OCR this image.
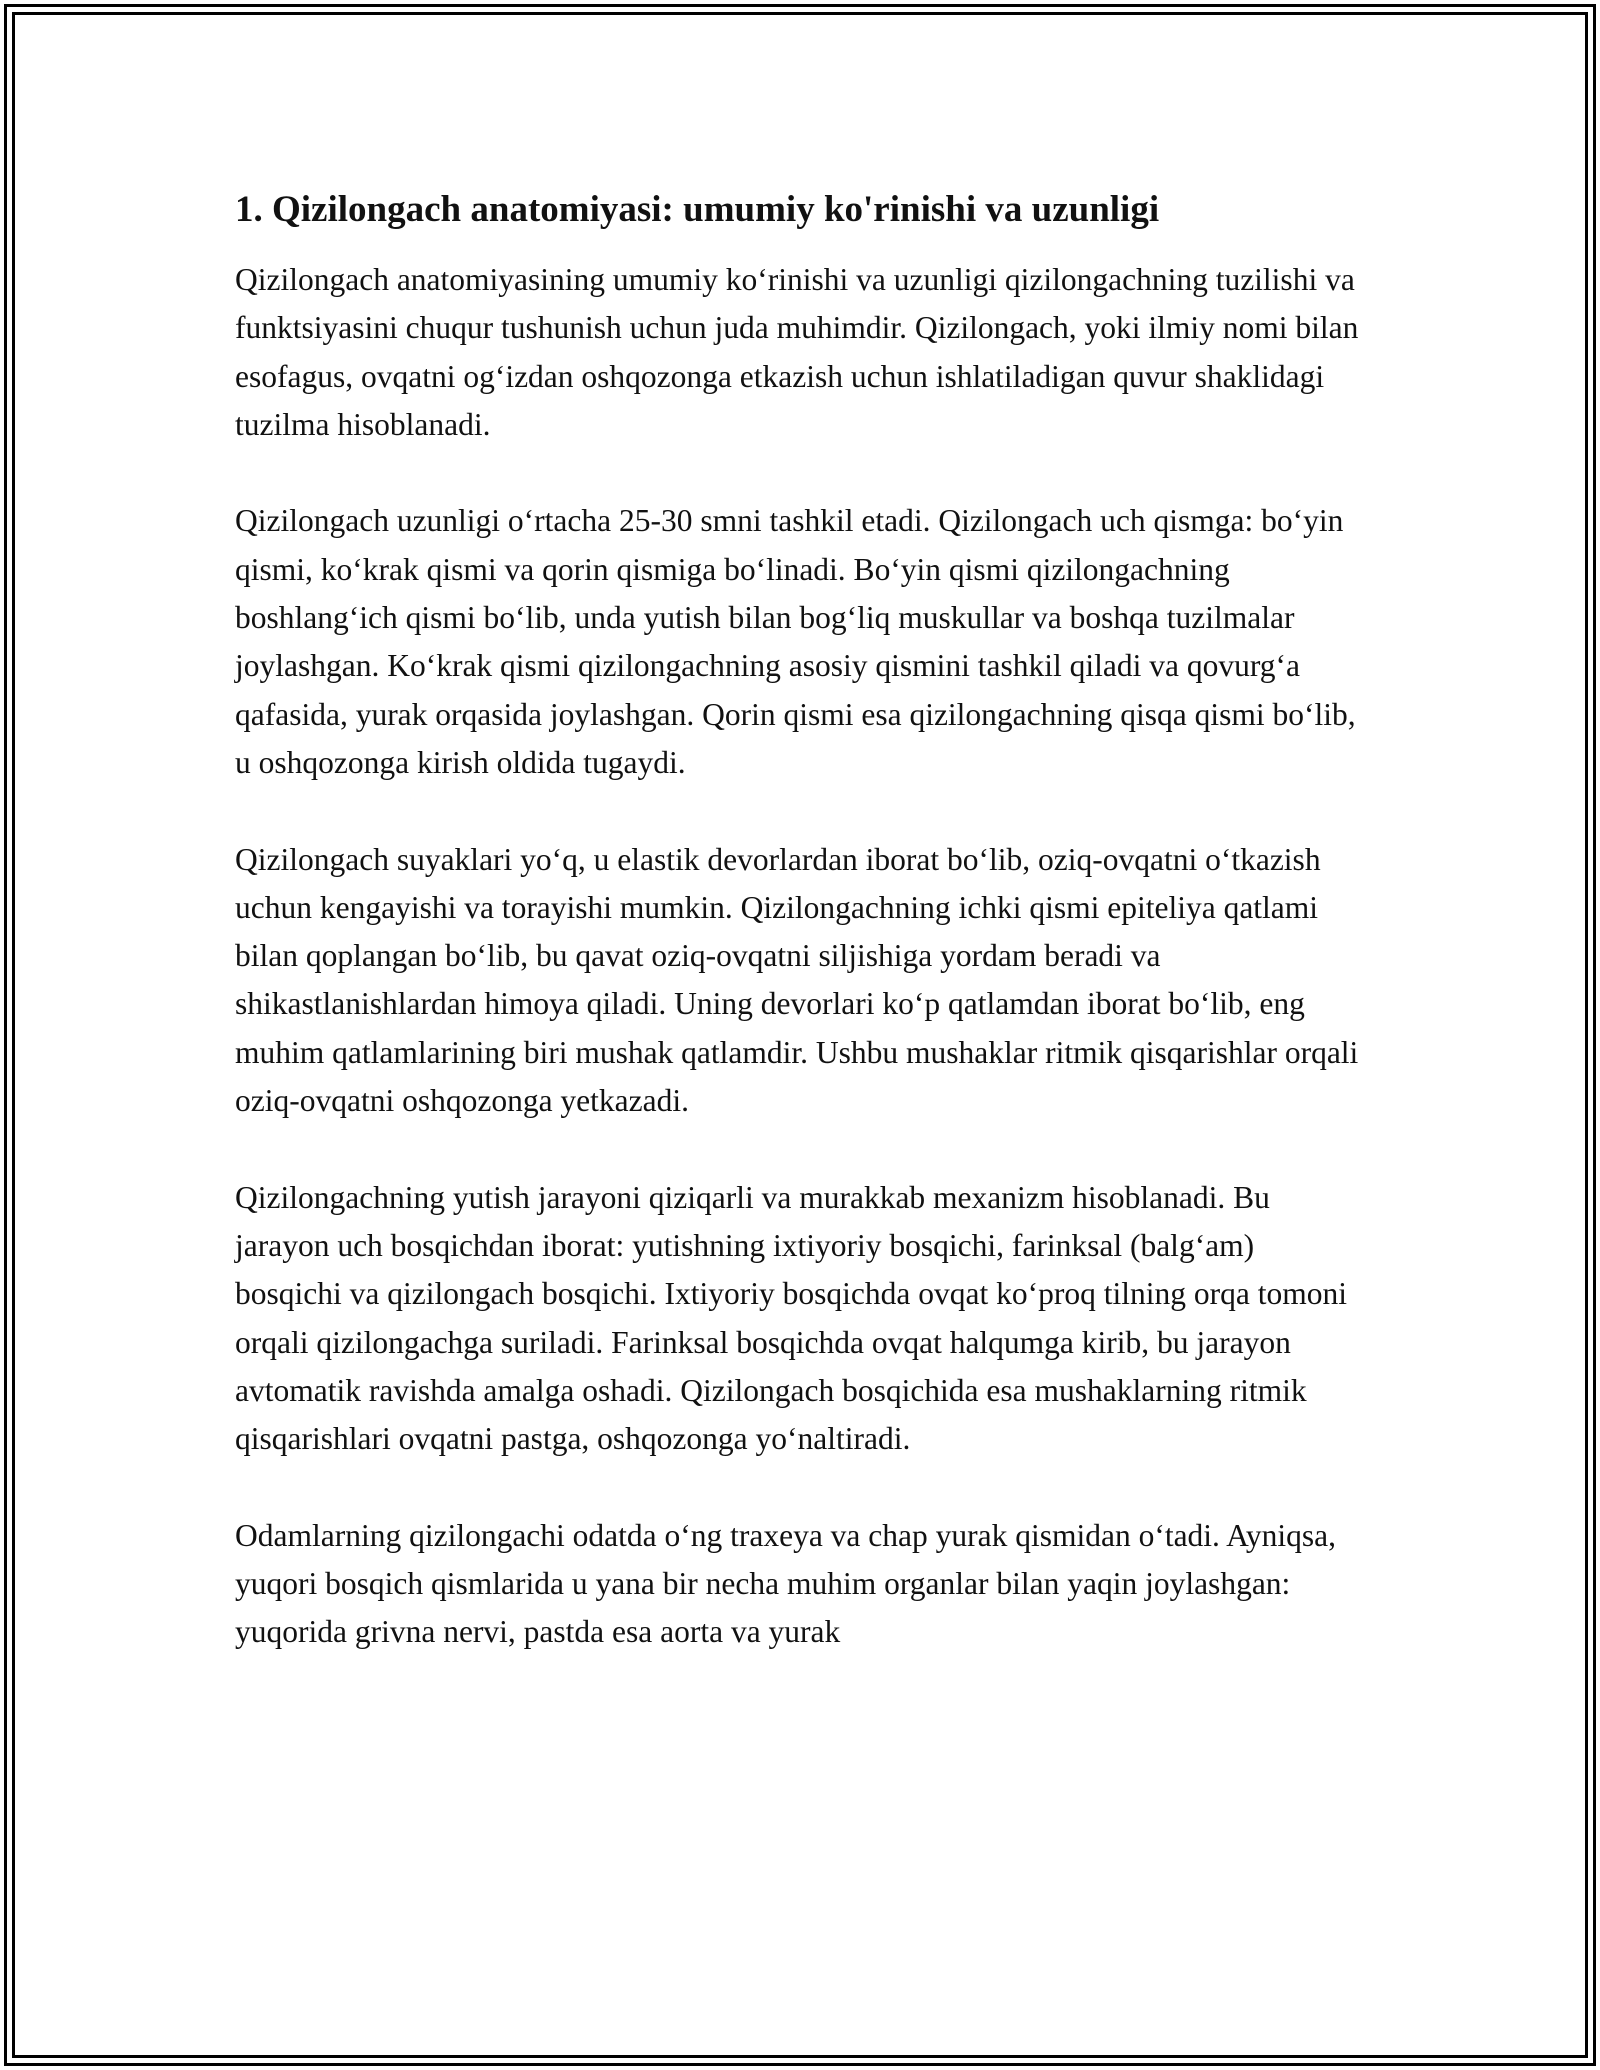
1. Qizilongach anatomiyasi: umumiy ko'rinishi va uzunligi

Qizilongach anatomiyasining umumiy ko‘rinishi va uzunligi qizilongachning tuzilishi va funktsiyasini chuqur tushunish uchun juda muhimdir. Qizilongach, yoki ilmiy nomi bilan esofagus, ovqatni og‘izdan oshqozonga etkazish uchun ishlatiladigan quvur shaklidagi tuzilma hisoblanadi.

Qizilongach uzunligi o‘rtacha 25-30 smni tashkil etadi. Qizilongach uch qismga: bo‘yin qismi, ko‘krak qismi va qorin qismiga bo‘linadi. Bo‘yin qismi qizilongachning boshlang‘ich qismi bo‘lib, unda yutish bilan bog‘liq muskullar va boshqa tuzilmalar joylashgan. Ko‘krak qismi qizilongachning asosiy qismini tashkil qiladi va qovurg‘a qafasida, yurak orqasida joylashgan. Qorin qismi esa qizilongachning qisqa qismi bo‘lib, u oshqozonga kirish oldida tugaydi.

Qizilongach suyaklari yo‘q, u elastik devorlardan iborat bo‘lib, oziq-ovqatni o‘tkazish uchun kengayishi va torayishi mumkin. Qizilongachning ichki qismi epiteliya qatlami bilan qoplangan bo‘lib, bu qavat oziq-ovqatni siljishiga yordam beradi va shikastlanishlardan himoya qiladi. Uning devorlari ko‘p qatlamdan iborat bo‘lib, eng muhim qatlamlarining biri mushak qatlamdir. Ushbu mushaklar ritmik qisqarishlar orqali oziq-ovqatni oshqozonga yetkazadi.

Qizilongachning yutish jarayoni qiziqarli va murakkab mexanizm hisoblanadi. Bu jarayon uch bosqichdan iborat: yutishning ixtiyoriy bosqichi, farinksal (balg‘am) bosqichi va qizilongach bosqichi. Ixtiyoriy bosqichda ovqat ko‘proq tilning orqa tomoni orqali qizilongachga suriladi. Farinksal bosqichda ovqat halqumga kirib, bu jarayon avtomatik ravishda amalga oshadi. Qizilongach bosqichida esa mushaklarning ritmik qisqarishlari ovqatni pastga, oshqozonga yo‘naltiradi.

Odamlarning qizilongachi odatda o‘ng traxeya va chap yurak qismidan o‘tadi. Ayniqsa, yuqori bosqich qismlarida u yana bir necha muhim organlar bilan yaqin joylashgan: yuqorida grivna nervi, pastda esa aorta va yurak
